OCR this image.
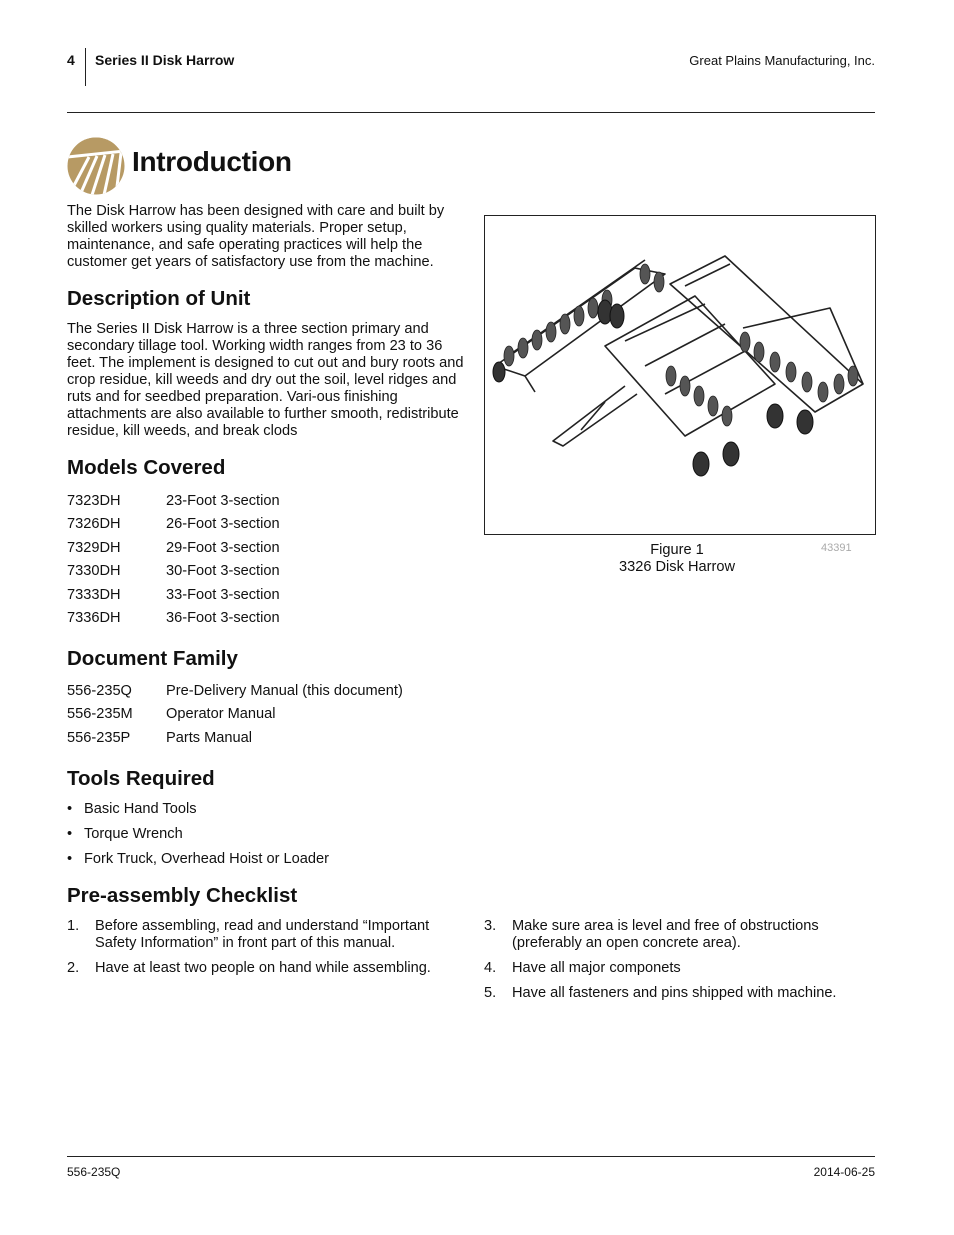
4 Series II Disk Harrow	Great Plains Manufacturing, Inc.
Introduction
The Disk Harrow has been designed with care and built by skilled workers using quality materials. Proper setup, maintenance, and safe operating practices will help the customer get years of satisfactory use from the machine.
Description of Unit
The Series II Disk Harrow is a three section primary and secondary tillage tool. Working width ranges from 23 to 36 feet. The implement is designed to cut out and bury roots and crop residue, kill weeds and dry out the soil, level ridges and ruts and for seedbed preparation. Vari-ous finishing attachments are also available to further smooth, redistribute residue, kill weeds, and break clods
Models Covered
7323DH	23-Foot 3-section
7326DH	26-Foot 3-section
7329DH	29-Foot 3-section
7330DH	30-Foot 3-section
7333DH	33-Foot 3-section
7336DH	36-Foot 3-section
Document Family
556-235Q	Pre-Delivery Manual (this document)
556-235M	Operator Manual
556-235P	Parts Manual
Tools Required
• Basic Hand Tools
• Torque Wrench
• Fork Truck, Overhead Hoist or Loader
Pre-assembly Checklist
1.	Before assembling, read and understand “Important Safety Information” in front part of this manual.
2.	Have at least two people on hand while assembling.
3.	Make sure area is level and free of obstructions (preferably an open concrete area).
4.	Have all major componets
5.	Have all fasteners and pins shipped with machine.
Figure 1
3326 Disk Harrow
43391
556-235Q	2014-06-25
